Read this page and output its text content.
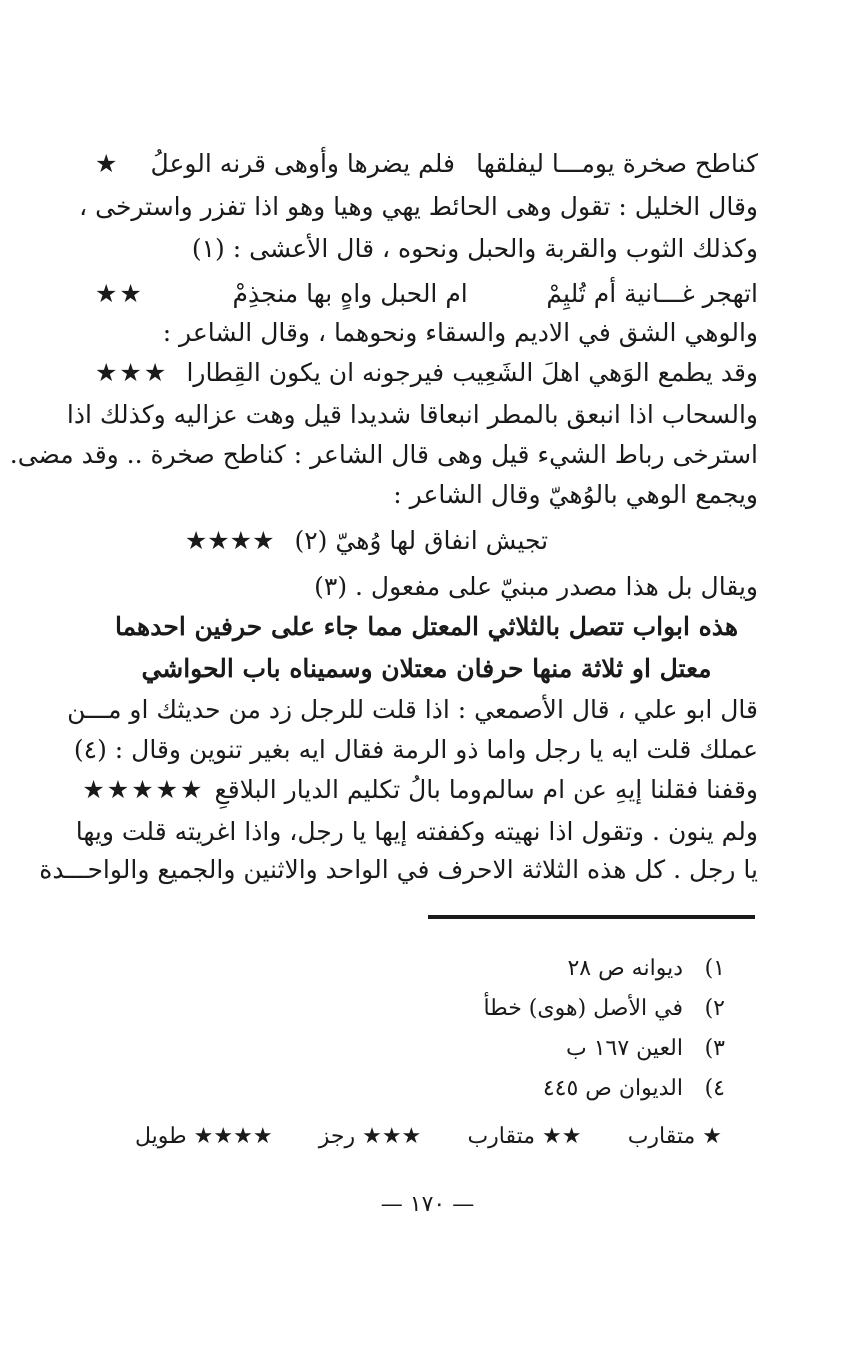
كناطح صخرة يومـــا ليفلقها
فلم يضرها وأوهى قرنه الوعلُ
★
وقال الخليل : تقول وهى الحائط يهي وهيا وهو اذا تفزر واسترخى ،
وكذلك الثوب والقربة والحبل ونحوه ، قال الأعشى : (١)
اتهجر غـــانية أم تُليِمْ
ام الحبل واهٍ بها منجذِمْ
★★
والوهي الشق في الاديم والسقاء ونحوهما ، وقال الشاعر :
وقد يطمع الوَهي اهلَ الشَعِيب
فيرجونه ان يكون القِطارا
★★★
والسحاب اذا انبعق بالمطر انبعاقا شديدا قيل وهت عزاليه وكذلك اذا
استرخى رباط الشيء قيل وهى قال الشاعر : كناطح صخرة .. وقد مضى.
ويجمع الوهي بالوُهيّ وقال الشاعر :
تجيش انفاق لها وُهيّ (٢) ★★★★
ويقال بل هذا مصدر مبنيّ على مفعول . (٣)
هذه ابواب تتصل بالثلاثي المعتل مما جاء على حرفين احدهما
معتل او ثلاثة منها حرفان معتلان وسميناه باب الحواشي
قال ابو علي ، قال الأصمعي : اذا قلت للرجل زد من حديثك او مـــن
عملك قلت ايه يا رجل واما ذو الرمة فقال ايه بغير تنوين وقال : (٤)
وقفنا فقلنا إيهِ عن ام سالم
وما بالُ تكليم الديار البلاقعِ
★★★★★
ولم ينون . وتقول اذا نهيته وكففته إيها يا رجل، واذا اغريته قلت ويها
يا رجل . كل هذه الثلاثة الاحرف في الواحد والاثنين والجميع والواحـــدة
١)ديوانه ص ٢٨
٢)في الأصل (هوى) خطأ
٣)العين ١٦٧ ب
٤)الديوان ص ٤٤٥
★ متقارب
★★ متقارب
★★★ رجز
★★★★ طويل
— ١٧٠ —
